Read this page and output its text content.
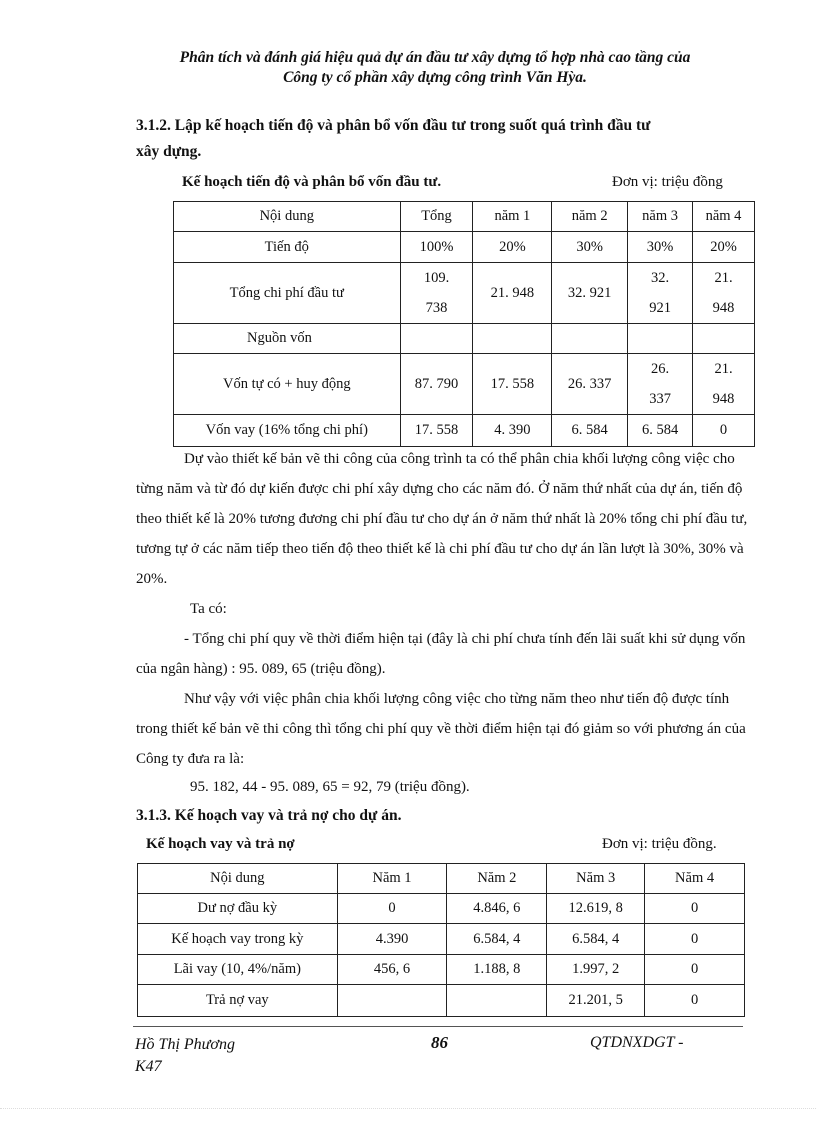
Phân tích và đánh giá hiệu quả dự án đầu tư xây dựng tổ hợp nhà cao tầng của
Công ty cổ phần xây dựng công trình Văn Hỳa.
3.1.2. Lập kế hoạch tiến độ và phân bổ vốn đầu tư trong suốt quá trình đầu tư
xây dựng.
Kế hoạch tiến độ và phân bổ vốn đầu tư.	Đơn vị: triệu đồng
Nội dung	Tổng	năm 1	năm 2	năm 3	năm 4
Tiến độ	100%	20%	30%	30%	20%
Tổng chi phí đầu tư	109. 738	21. 948	32. 921	32. 921	21. 948
Nguồn vốn					
Vốn tự có + huy động	87. 790	17. 558	26. 337	26. 337	21. 948
Vốn vay (16% tổng chi phí)	17. 558	4. 390	6. 584	6. 584	0
Dự vào thiết kế bản vẽ thi công của công trình ta có thể phân chia khối lượng công việc cho từng năm và từ đó dự kiến được chi phí xây dựng cho các năm đó. Ở năm thứ nhất của dự án, tiến độ theo thiết kế là 20% tương đương chi phí đầu tư cho dự án ở năm thứ nhất là 20% tổng chi phí đầu tư, tương tự ở các năm tiếp theo tiến độ theo thiết kế là chi phí đầu tư cho dự án lần lượt là 30%, 30% và 20%.
Ta có:
- Tổng chi phí quy về thời điểm hiện tại (đây là chi phí chưa tính đến lãi suất khi sử dụng vốn của ngân hàng) : 95. 089, 65 (triệu đồng).
Như vậy với việc phân chia khối lượng công việc cho từng năm theo như tiến độ được tính trong thiết kế bản vẽ thi công thì tổng chi phí quy về thời điểm hiện tại đó giảm so với phương án của Công ty đưa ra là:
95. 182, 44 - 95. 089, 65 = 92, 79 (triệu đồng).
3.1.3. Kế hoạch vay và trả nợ cho dự án.
Kế hoạch vay và trả nợ	Đơn vị: triệu đồng.
Nội dung	Năm 1	Năm 2	Năm 3	Năm 4
Dư nợ đầu kỳ	0	4.846, 6	12.619, 8	0
Kế hoạch vay trong kỳ	4.390	6.584, 4	6.584, 4	0
Lãi vay (10, 4%/năm)	456, 6	1.188, 8	1.997, 2	0
Trả nợ vay			21.201, 5	0
Hồ Thị Phương
K47
86	QTDNXDGT -
